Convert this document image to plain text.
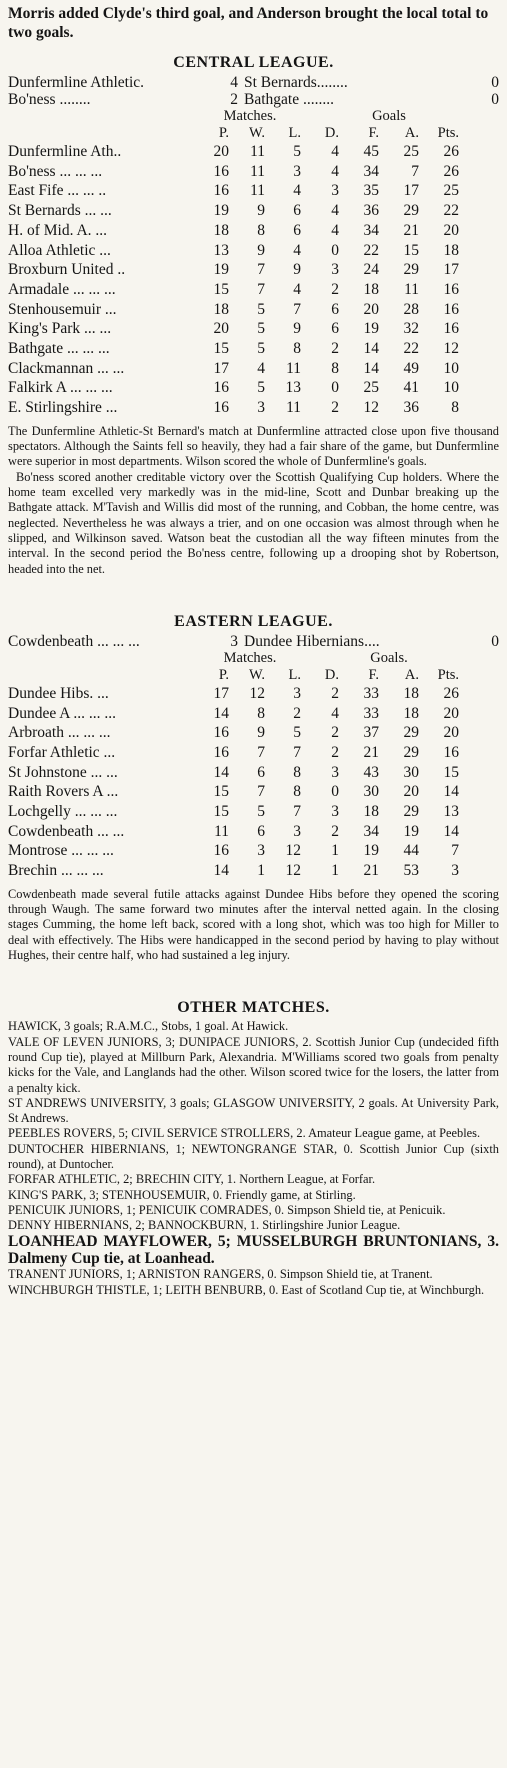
Morris added Clyde's third goal, and Anderson brought the local total to two goals.

CENTRAL LEAGUE.
Dunfermline Athletic.	4 St Bernards........	0
Bo'ness ........	2 Bathgate ........	0
Matches.	Goals
P.	W.	L.	D.	F.	A.	Pts.
Dunfermline Ath..	20	11	5	4	45	25	26
Bo'ness ... ... ...	16	11	3	4	34	7	26
East Fife ... ... ..	16	11	4	3	35	17	25
St Bernards ... ...	19	9	6	4	36	29	22
H. of Mid. A. ...	18	8	6	4	34	21	20
Alloa Athletic ...	13	9	4	0	22	15	18
Broxburn United ..	19	7	9	3	24	29	17
Armadale ... ... ...	15	7	4	2	18	11	16
Stenhousemuir ...	18	5	7	6	20	28	16
King's Park ... ...	20	5	9	6	19	32	16
Bathgate ... ... ...	15	5	8	2	14	22	12
Clackmannan ... ...	17	4	11	8	14	49	10
Falkirk A ... ... ...	16	5	13	0	25	41	10
E. Stirlingshire ...	16	3	11	2	12	36	8

The Dunfermline Athletic-St Bernard's match at Dunfermline attracted close upon five thousand spectators. Although the Saints fell so heavily, they had a fair share of the game, but Dunfermline were superior in most departments. Wilson scored the whole of Dunfermline's goals.

Bo'ness scored another creditable victory over the Scottish Qualifying Cup holders. Where the home team excelled very markedly was in the mid-line, Scott and Dunbar breaking up the Bathgate attack. M'Tavish and Willis did most of the running, and Cobban, the home centre, was neglected. Nevertheless he was always a trier, and on one occasion was almost through when he slipped, and Wilkinson saved. Watson beat the custodian all the way fifteen minutes from the interval. In the second period the Bo'ness centre, following up a drooping shot by Robertson, headed into the net.

EASTERN LEAGUE.
Cowdenbeath ... ... ...	3 Dundee Hibernians....	0
Matches.	Goals.
P.	W.	L.	D.	F.	A.	Pts.
Dundee Hibs. ...	17	12	3	2	33	18	26
Dundee A ... ... ...	14	8	2	4	33	18	20
Arbroath ... ... ...	16	9	5	2	37	29	20
Forfar Athletic ...	16	7	7	2	21	29	16
St Johnstone ... ...	14	6	8	3	43	30	15
Raith Rovers A ...	15	7	8	0	30	20	14
Lochgelly ... ... ...	15	5	7	3	18	29	13
Cowdenbeath ... ...	11	6	3	2	34	19	14
Montrose ... ... ...	16	3	12	1	19	44	7
Brechin ... ... ...	14	1	12	1	21	53	3

Cowdenbeath made several futile attacks against Dundee Hibs before they opened the scoring through Waugh. The same forward two minutes after the interval netted again. In the closing stages Cumming, the home left back, scored with a long shot, which was too high for Miller to deal with effectively. The Hibs were handicapped in the second period by having to play without Hughes, their centre half, who had sustained a leg injury.

OTHER MATCHES.

HAWICK, 3 goals; R.A.M.C., Stobs, 1 goal. At Hawick.

VALE OF LEVEN JUNIORS, 3; DUNIPACE JUNIORS, 2. Scottish Junior Cup (undecided fifth round Cup tie), played at Millburn Park, Alexandria. M'Williams scored two goals from penalty kicks for the Vale, and Langlands had the other. Wilson scored twice for the losers, the latter from a penalty kick.

ST ANDREWS UNIVERSITY, 3 goals; GLASGOW UNIVERSITY, 2 goals. At University Park, St Andrews.

PEEBLES ROVERS, 5; CIVIL SERVICE STROLLERS, 2. Amateur League game, at Peebles.

DUNTOCHER HIBERNIANS, 1; NEWTONGRANGE STAR, 0. Scottish Junior Cup (sixth round), at Duntocher.

FORFAR ATHLETIC, 2; BRECHIN CITY, 1. Northern League, at Forfar.

KING'S PARK, 3; STENHOUSEMUIR, 0. Friendly game, at Stirling.

PENICUIK JUNIORS, 1; PENICUIK COMRADES, 0. Simpson Shield tie, at Penicuik.

DENNY HIBERNIANS, 2; BANNOCKBURN, 1. Stirlingshire Junior League.

LOANHEAD MAYFLOWER, 5; MUSSELBURGH BRUNTONIANS, 3. Dalmeny Cup tie, at Loanhead.

TRANENT JUNIORS, 1; ARNISTON RANGERS, 0. Simpson Shield tie, at Tranent.

WINCHBURGH THISTLE, 1; LEITH BENBURB, 0. East of Scotland Cup tie, at Winchburgh.
